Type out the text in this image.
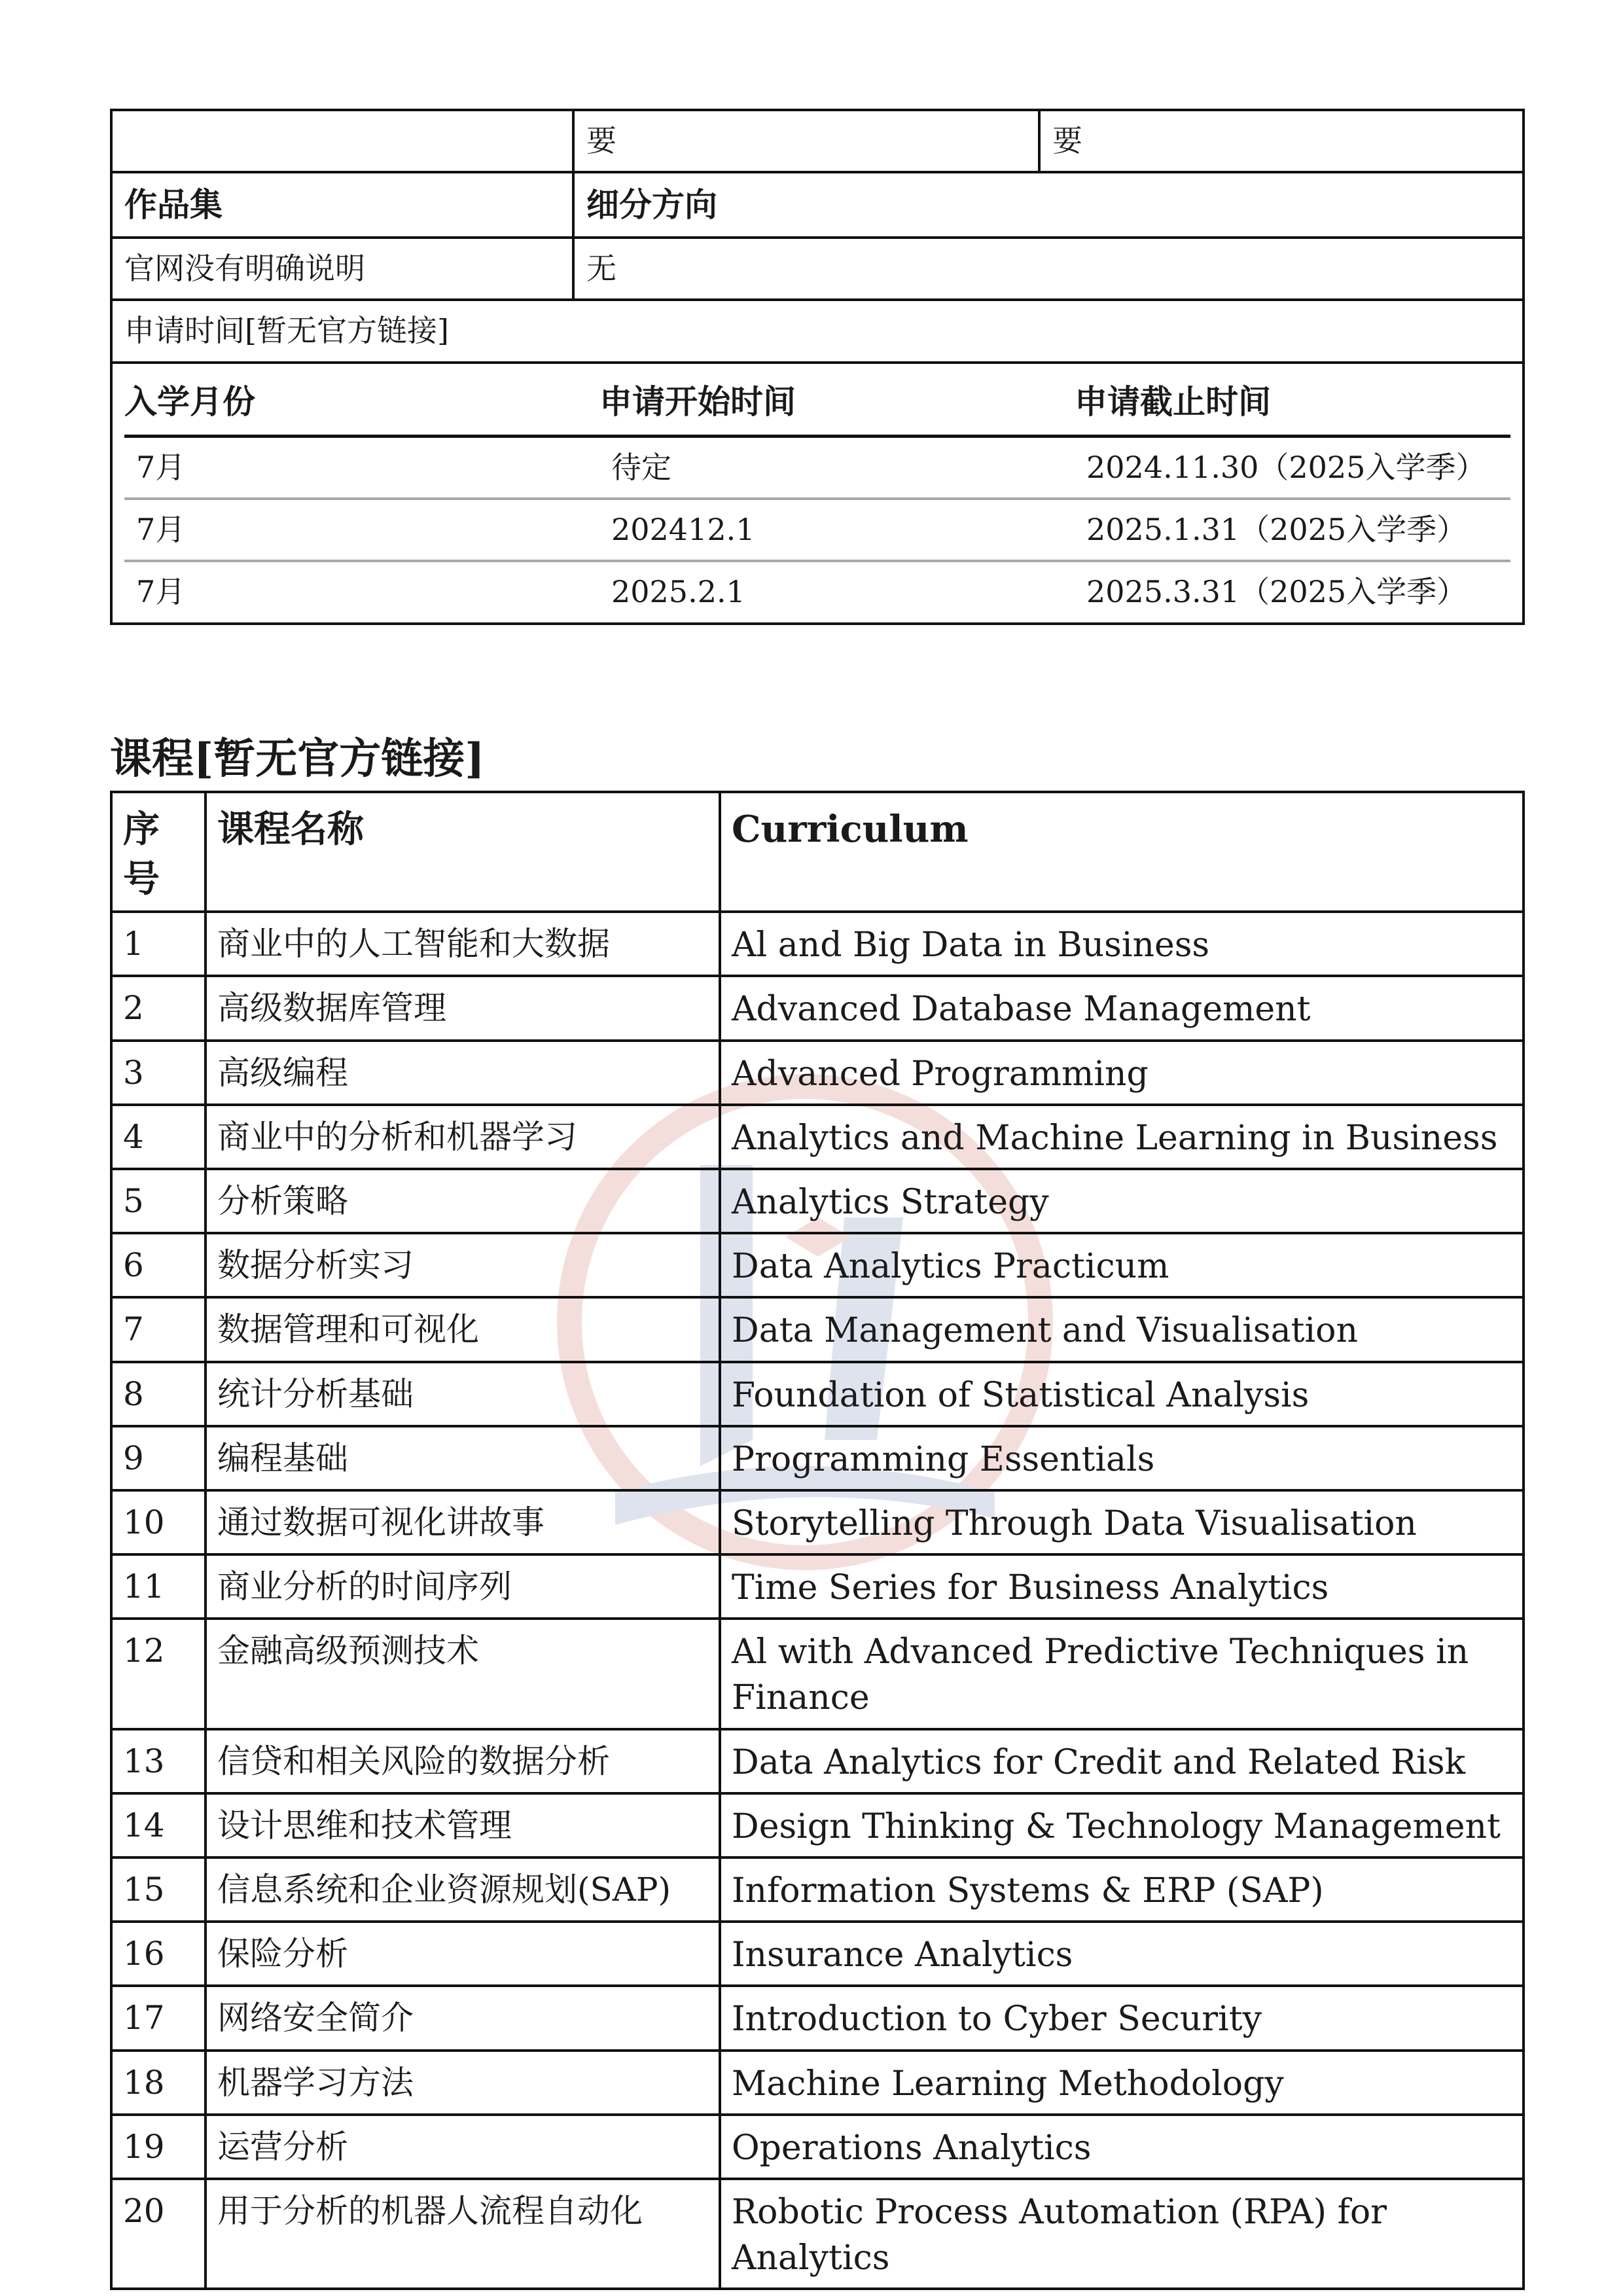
	要	要
作品集	细分方向
官网没有明确说明	无
申请时间[暂无官方链接]

入学月份	申请开始时间	申请截止时间
7月	待定	2024.11.30（2025入学季）
7月	202412.1	2025.1.31（2025入学季）
7月	2025.2.1	2025.3.31（2025入学季）
课程[暂无官方链接]
序号	课程名称	Curriculum
1	商业中的人工智能和大数据	Al and Big Data in Business
2	高级数据库管理	Advanced Database Management
3	高级编程	Advanced Programming
4	商业中的分析和机器学习	Analytics and Machine Learning in Business
5	分析策略	Analytics Strategy
6	数据分析实习	Data Analytics Practicum
7	数据管理和可视化	Data Management and Visualisation
8	统计分析基础	Foundation of Statistical Analysis
9	编程基础	Programming Essentials
10	通过数据可视化讲故事	Storytelling Through Data Visualisation
11	商业分析的时间序列	Time Series for Business Analytics
12	金融高级预测技术	Al with Advanced Predictive Techniques in Finance
13	信贷和相关风险的数据分析	Data Analytics for Credit and Related Risk
14	设计思维和技术管理	Design Thinking & Technology Management
15	信息系统和企业资源规划(SAP)	Information Systems & ERP (SAP)
16	保险分析	Insurance Analytics
17	网络安全简介	Introduction to Cyber Security
18	机器学习方法	Machine Learning Methodology
19	运营分析	Operations Analytics
20	用于分析的机器人流程自动化	Robotic Process Automation (RPA) for Analytics
